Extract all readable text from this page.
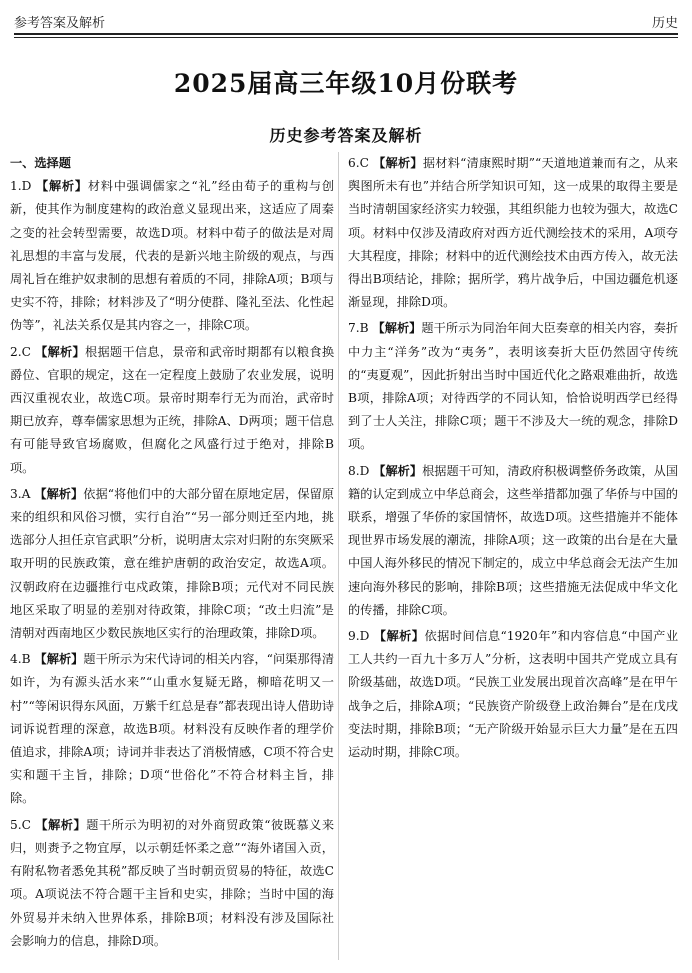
参考答案及解析	历史
2025届高三年级10月份联考
历史参考答案及解析
一、选择题
1.D 【解析】材料中强调儒家之“礼”经由荀子的重构与创新，使其作为制度建构的政治意义显现出来，这适应了周秦之变的社会转型需要，故选D项。材料中荀子的做法是对周礼思想的丰富与发展，代表的是新兴地主阶级的观点，与西周礼旨在维护奴隶制的思想有着质的不同，排除A项；B项与史实不符，排除；材料涉及了“明分使群、隆礼至法、化性起伪等”，礼法关系仅是其内容之一，排除C项。
2.C 【解析】根据题干信息，景帝和武帝时期都有以粮食换爵位、官职的规定，这在一定程度上鼓励了农业发展，说明西汉重视农业，故选C项。景帝时期奉行无为而治，武帝时期已放弃，尊奉儒家思想为正统，排除A、D两项；题干信息有可能导致官场腐败，但腐化之风盛行过于绝对，排除B项。
3.A 【解析】依据“将他们中的大部分留在原地定居，保留原来的组织和风俗习惯，实行自治”“另一部分则迁至内地，挑选部分人担任京官武职”分析，说明唐太宗对归附的东突厥采取开明的民族政策，意在维护唐朝的政治安定，故选A项。汉朝政府在边疆推行屯戍政策，排除B项；元代对不同民族地区采取了明显的差别对待政策，排除C项；“改土归流”是清朝对西南地区少数民族地区实行的治理政策，排除D项。
4.B 【解析】题干所示为宋代诗词的相关内容，“问渠那得清如许，为有源头活水来”“山重水复疑无路，柳暗花明又一村”“等闲识得东风面，万紫千红总是春”都表现出诗人借助诗词诉说哲理的深意，故选B项。材料没有反映作者的理学价值追求，排除A项；诗词并非表达了消极情感，C项不符合史实和题干主旨，排除；D项“世俗化”不符合材料主旨，排除。
5.C 【解析】题干所示为明初的对外商贸政策“彼既慕义来归，则赉予之物宜厚，以示朝廷怀柔之意”“海外诸国入贡，有附私物者悉免其税”都反映了当时朝贡贸易的特征，故选C项。A项说法不符合题干主旨和史实，排除；当时中国的海外贸易并未纳入世界体系，排除B项；材料没有涉及国际社会影响力的信息，排除D项。
6.C 【解析】据材料“清康熙时期”“天道地道兼而有之，从来舆图所未有也”并结合所学知识可知，这一成果的取得主要是当时清朝国家经济实力较强，其组织能力也较为强大，故选C项。材料中仅涉及清政府对西方近代测绘技术的采用，A项夸大其程度，排除；材料中的近代测绘技术由西方传入，故无法得出B项结论，排除；据所学，鸦片战争后，中国边疆危机逐渐显现，排除D项。
7.B 【解析】题干所示为同治年间大臣奏章的相关内容，奏折中力主“洋务”改为“夷务”，表明该奏折大臣仍然固守传统的“夷夏观”，因此折射出当时中国近代化之路艰难曲折，故选B项，排除A项；对待西学的不同认知，恰恰说明西学已经得到了士人关注，排除C项；题干不涉及大一统的观念，排除D项。
8.D 【解析】根据题干可知，清政府积极调整侨务政策，从国籍的认定到成立中华总商会，这些举措都加强了华侨与中国的联系，增强了华侨的家国情怀，故选D项。这些措施并不能体现世界市场发展的潮流，排除A项；这一政策的出台是在大量中国人海外移民的情况下制定的，成立中华总商会无法产生加速向海外移民的影响，排除B项；这些措施无法促成中华文化的传播，排除C项。
9.D 【解析】依据时间信息“1920年”和内容信息“中国产业工人共约一百九十多万人”分析，这表明中国共产党成立具有阶级基础，故选D项。“民族工业发展出现首次高峰”是在甲午战争之后，排除A项；“民族资产阶级登上政治舞台”是在戊戌变法时期，排除B项；“无产阶级开始显示巨大力量”是在五四运动时期，排除C项。
